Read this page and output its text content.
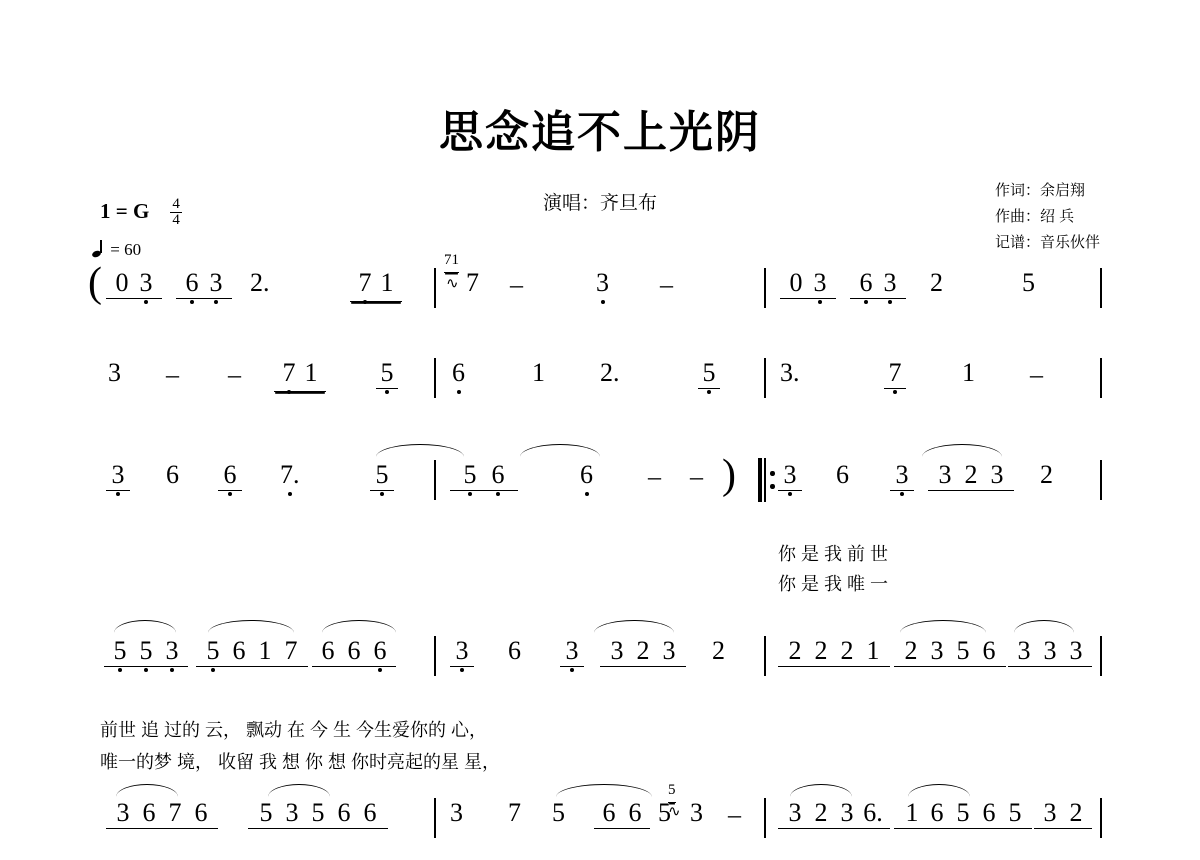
思念追不上光阴
演唱：齐旦布
作词：余启翔
作曲：绍 兵
记谱：音乐伙伴
1 = G $\frac{4}{4}$
= 60
( 0 3	6 3	2.	7 1
71
∿ 7 –	3 –	0 3	6 3	2	5
3 – –	7 1	5 6	1 2.	5 3.	7 1 –
3 6 6 7.	5	5 6	6 – – ) 3 6 3	3 2 3	2
你 是 我 前 世
你 是 我 唯 一
5 5 3	5 6 1 7 6 6 6	3 6 3	3 2 3	2	2 2 2 1 2 3 5 6 3 3 3
前世 追 过的 云， 飘动 在 今 生 今生爱你的 心，
唯一的梦 境， 收留 我 想 你 想 你时亮起的星 星，
3 6 7 6	5 3 5 6 6	3 7 5	6 6 5
5
∿ 3 –	3 2 3 6. 1 6 5 6 5 3 2
